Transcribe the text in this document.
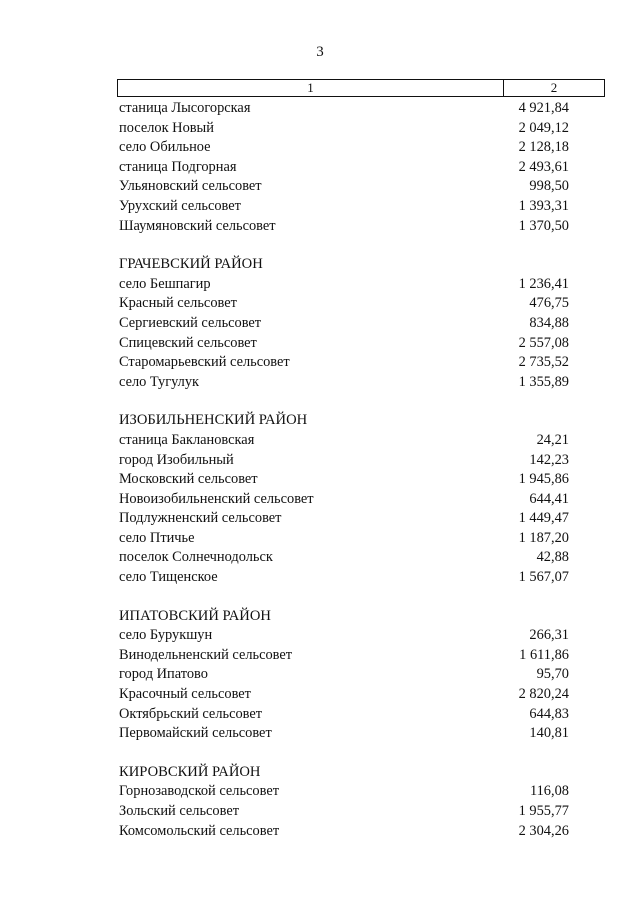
3
1	2
станица Лысогорская	4 921,84
поселок Новый	2 049,12
село Обильное	2 128,18
станица Подгорная	2 493,61
Ульяновский сельсовет	998,50
Урухский сельсовет	1 393,31
Шаумяновский сельсовет	1 370,50
ГРАЧЕВСКИЙ РАЙОН
село Бешпагир	1 236,41
Красный сельсовет	476,75
Сергиевский сельсовет	834,88
Спицевский сельсовет	2 557,08
Старомарьевский сельсовет	2 735,52
село Тугулук	1 355,89
ИЗОБИЛЬНЕНСКИЙ РАЙОН
станица Баклановская	24,21
город Изобильный	142,23
Московский сельсовет	1 945,86
Новоизобильненский сельсовет	644,41
Подлужненский сельсовет	1 449,47
село Птичье	1 187,20
поселок Солнечнодольск	42,88
село Тищенское	1 567,07
ИПАТОВСКИЙ РАЙОН
село Бурукшун	266,31
Винодельненский сельсовет	1 611,86
город Ипатово	95,70
Красочный сельсовет	2 820,24
Октябрьский сельсовет	644,83
Первомайский сельсовет	140,81
КИРОВСКИЙ РАЙОН
Горнозаводской сельсовет	116,08
Зольский сельсовет	1 955,77
Комсомольский сельсовет	2 304,26
